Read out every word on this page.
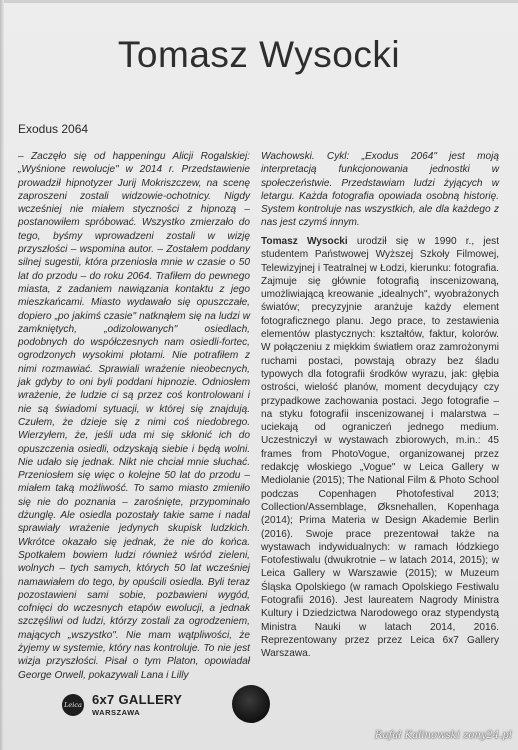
Tomasz Wysocki
Exodus 2064

– Zaczęło się od happeningu Alicji Rogalskiej: „Wyśnione rewolucje" w 2014 r. Przedstawienie prowadził hipnotyzer Jurij Mokriszczew, na scenę zaproszeni zostali widzowie-ochotnicy. Nigdy wcześniej nie miałem styczności z hipnozą – postanowiłem spróbować. Wszystko zmierzało do tego, byśmy wprowadzeni zostali w wizję przyszłości – wspomina autor. – Zostałem poddany silnej sugestii, która przeniosła mnie w czasie o 50 lat do przodu – do roku 2064. Trafiłem do pewnego miasta, z zadaniem nawiązania kontaktu z jego mieszkańcami. Miasto wydawało się opuszczałe, dopiero „po jakimś czasie" natknąłem się na ludzi w zamkniętych, „odizolowanych" osiedlach, podobnych do współczesnych nam osiedli-fortec, ogrodzonych wysokimi płotami. Nie potrafiłem z nimi rozmawiać. Sprawiali wrażenie nieobecnych, jak gdyby to oni byli poddani hipnozie. Odniosłem wrażenie, że ludzie ci są przez coś kontrolowani i nie są świadomi sytuacji, w której się znajdują. Czułem, że dzieje się z nimi coś niedobrego. Wierzyłem, że, jeśli uda mi się skłonić ich do opuszczenia osiedli, odzyskają siebie i będą wolni. Nie udało się jednak. Nikt nie chciał mnie słuchać. Przeniosłem się więc o kolejne 50 lat do przodu – miałem taką możliwość. To samo miasto zmieniło się nie do poznania – zarośnięte, przypominało dżunglę. Ale osiedla pozostały takie same i nadal sprawiały wrażenie jedynych skupisk ludzkich. Wkrótce okazało się jednak, że nie do końca. Spotkałem bowiem ludzi również wśród zieleni, wolnych – tych samych, których 50 lat wcześniej namawiałem do tego, by opuścili osiedla. Byli teraz pozostawieni sami sobie, pozbawieni wygód, cofnięci do wczesnych etapów ewolucji, a jednak szczęśliwi od ludzi, którzy zostali za ogrodzeniem, mających „wszystko". Nie mam wątpliwości, że żyjemy w systemie, który nas kontroluje. To nie jest wizja przyszłości. Pisał o tym Platon, opowiadał George Orwell, pokazywali Lana i Lilly

Wachowski. Cykl: „Exodus 2064" jest moją interpretacją funkcjonowania jednostki w społeczeństwie. Przedstawiam ludzi żyjących w letargu. Każda fotografia opowiada osobną historię. System kontroluje nas wszystkich, ale dla każdego z nas jest czymś innym.

Tomasz Wysocki urodził się w 1990 r., jest studentem Państwowej Wyższej Szkoły Filmowej, Telewizyjnej i Teatralnej w Łodzi, kierunku: fotografia. Zajmuje się głównie fotografią inscenizowaną, umożliwiającą kreowanie „idealnych", wyobrażonych światów; precyzyjnie aranżuje każdy element fotograficznego planu. Jego prace, to zestawienia elementów plastycznych: kształtów, faktur, kolorów. W połączeniu z miękkim światłem oraz zamrożonymi ruchami postaci, powstają obrazy bez śladu typowych dla fotografii środków wyrazu, jak: głębia ostrości, wielość planów, moment decydujący czy przypadkowe zachowania postaci. Jego fotografie – na styku fotografii inscenizowanej i malarstwa – uciekają od ograniczeń jednego medium. Uczestniczył w wystawach zbiorowych, m.in.: 45 frames from PhotoVogue, organizowanej przez redakcję włoskiego „Vogue" w Leica Gallery w Mediolanie (2015); The National Film & Photo School podczas Copenhagen Photofestival 2013; Collection/Assemblage, Øksnehallen, Kopenhaga (2014); Prima Materia w Design Akademie Berlin (2016). Swoje prace prezentował także na wystawach indywidualnych: w ramach łódzkiego Fotofestiwalu (dwukrotnie – w latach 2014, 2015); w Leica Gallery w Warszawie (2015); w Muzeum Śląska Opolskiego (w ramach Opolskiego Festiwalu Fotografii 2016). Jest laureatem Nagrody Ministra Kultury i Dziedzictwa Narodowego oraz stypendystą Ministra Nauki w latach 2014, 2016. Reprezentowany przez przez Leica 6x7 Gallery Warszawa.

Leica 6x7 GALLERY
WARSZAWA
Rafał Kalinowski zony24.pl
